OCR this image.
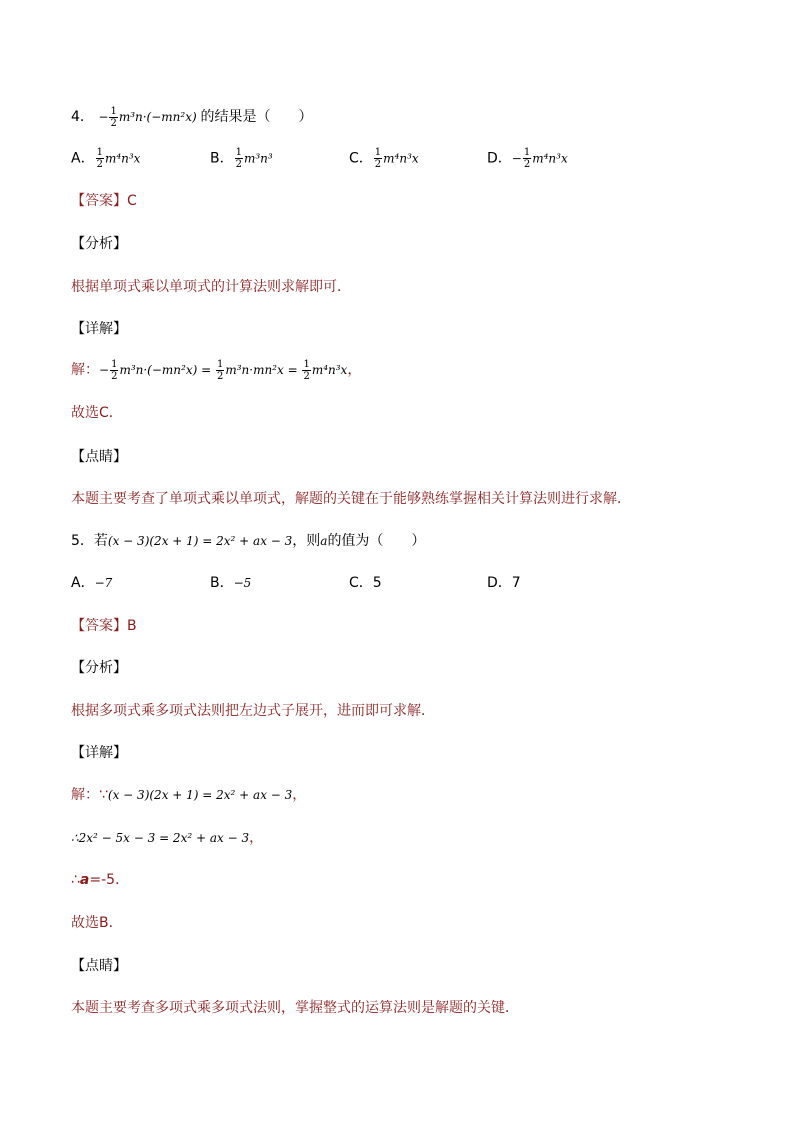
4． − $\frac{1}{2} m^3n\cdot(-mn^2x)$ 的结果是（　　）
A． $\frac{1}{2} m^4n^3x$	B． $\frac{1}{2} m^3n^3$	C． $\frac{1}{2} m^4n^3x$	D．− $\frac{1}{2} m^4n^3x$
【答案】C
【分析】
根据单项式乘以单项式的计算法则求解即可．
【详解】
解：− $\frac{1}{2} m^3n\cdot(-mn^2x) = \frac{1}{2} m^3n\cdot mn^2x = \frac{1}{2} m^4n^3x$，
故选C．
【点睛】
本题主要考查了单项式乘以单项式，解题的关键在于能够熟练掌握相关计算法则进行求解．
5．若(x − 3)(2x + 1) = 2x² + ax − 3，则a的值为（　　）
A．−7	B．−5	C．5	D．7
【答案】B
【分析】
根据多项式乘多项式法则把左边式子展开，进而即可求解．
【详解】
解：∵(x − 3)(2x + 1) = 2x² + ax − 3，
∴2x² − 5x − 3 = 2x² + ax − 3，
∴a=-5．
故选B．
【点睛】
本题主要考查多项式乘多项式法则，掌握整式的运算法则是解题的关键．
